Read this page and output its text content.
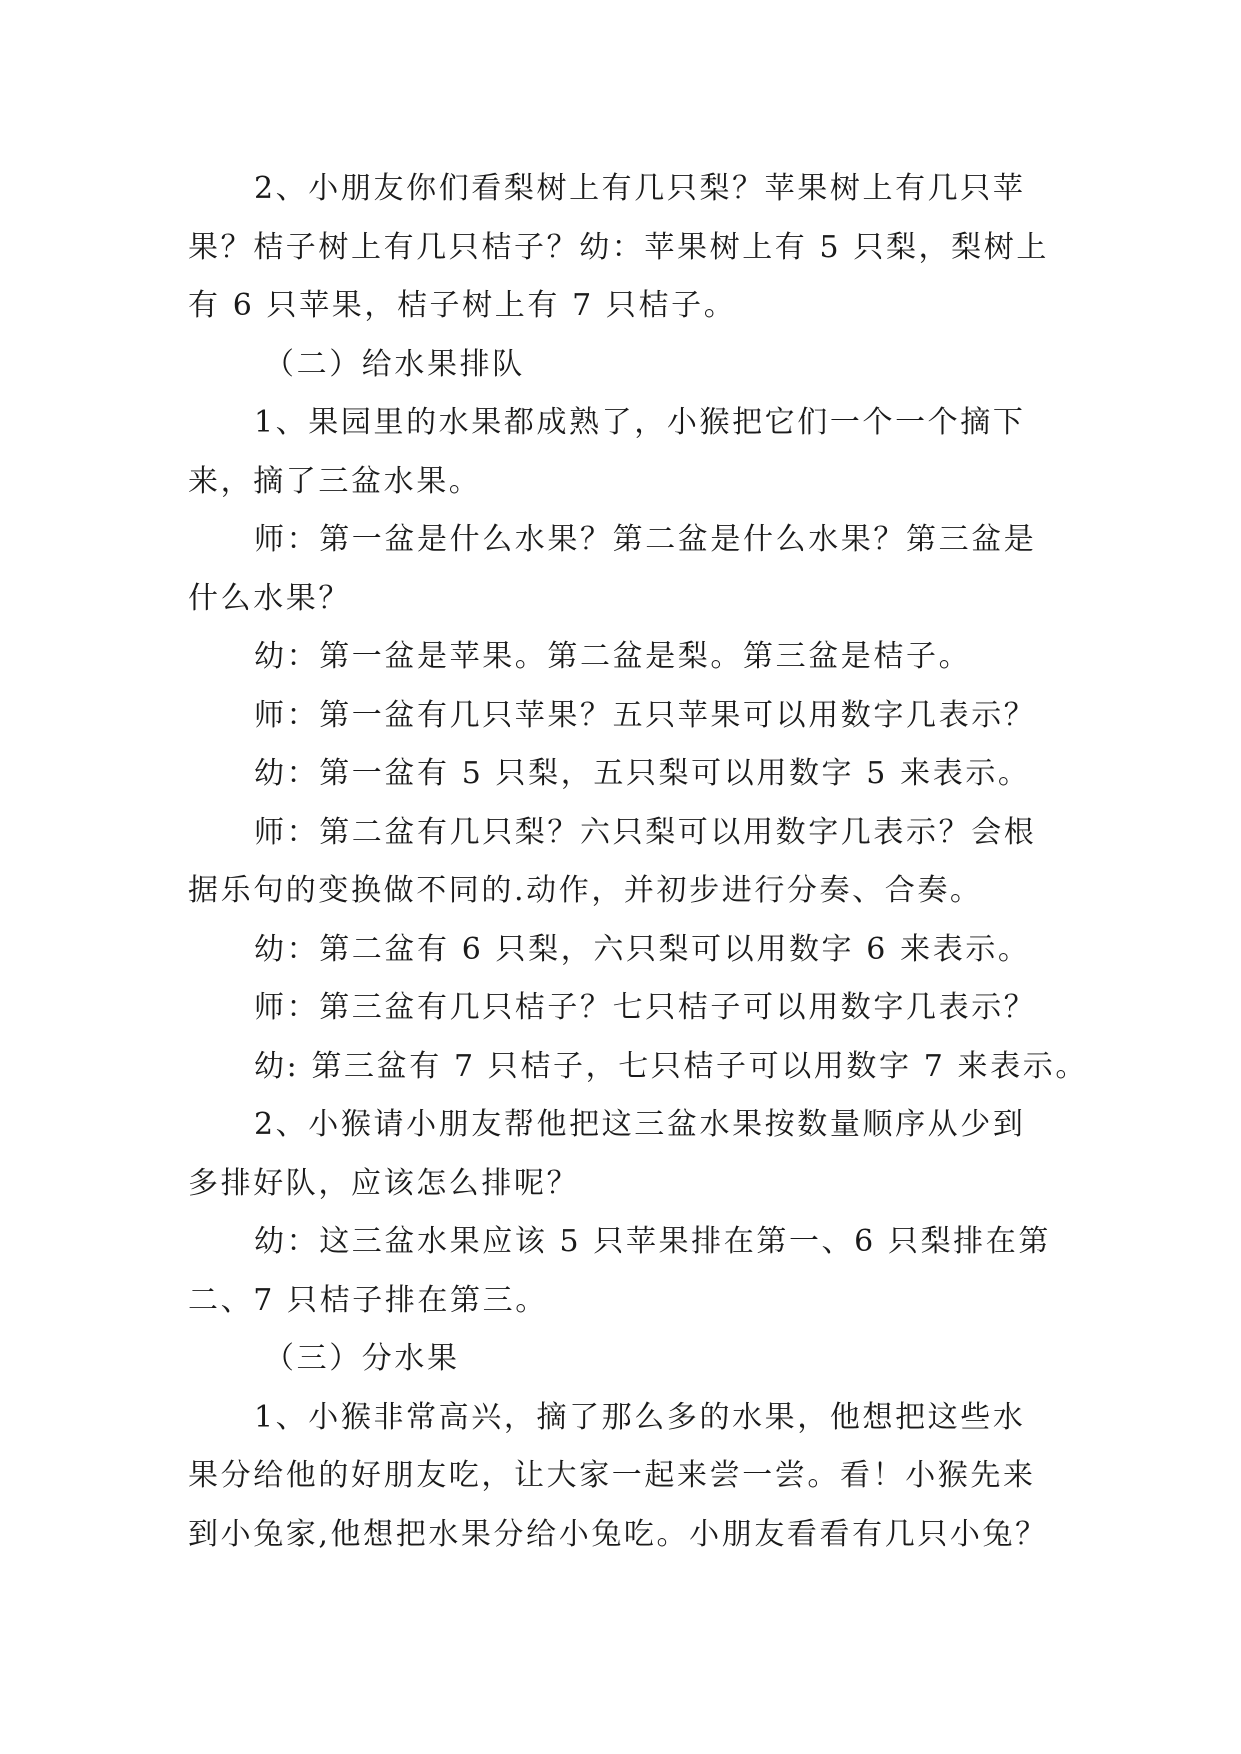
2、小朋友你们看梨树上有几只梨？苹果树上有几只苹
果？桔子树上有几只桔子？幼：苹果树上有 5 只梨，梨树上
有 6 只苹果，桔子树上有 7 只桔子。
（二）给水果排队
1、果园里的水果都成熟了，小猴把它们一个一个摘下
来，摘了三盆水果。
师：第一盆是什么水果？第二盆是什么水果？第三盆是
什么水果？
幼：第一盆是苹果。第二盆是梨。第三盆是桔子。
师：第一盆有几只苹果？五只苹果可以用数字几表示？
幼：第一盆有 5 只梨，五只梨可以用数字 5 来表示。
师：第二盆有几只梨？六只梨可以用数字几表示？会根
据乐句的变换做不同的.动作，并初步进行分奏、合奏。
幼：第二盆有 6 只梨，六只梨可以用数字 6 来表示。
师：第三盆有几只桔子？七只桔子可以用数字几表示？
幼: 第三盆有 7 只桔子，七只桔子可以用数字 7 来表示。
2、小猴请小朋友帮他把这三盆水果按数量顺序从少到
多排好队，应该怎么排呢？
幼：这三盆水果应该 5 只苹果排在第一、6 只梨排在第
二、7 只桔子排在第三。
（三）分水果
1、小猴非常高兴，摘了那么多的水果，他想把这些水
果分给他的好朋友吃，让大家一起来尝一尝。看！小猴先来
到小兔家,他想把水果分给小兔吃。小朋友看看有几只小兔？
